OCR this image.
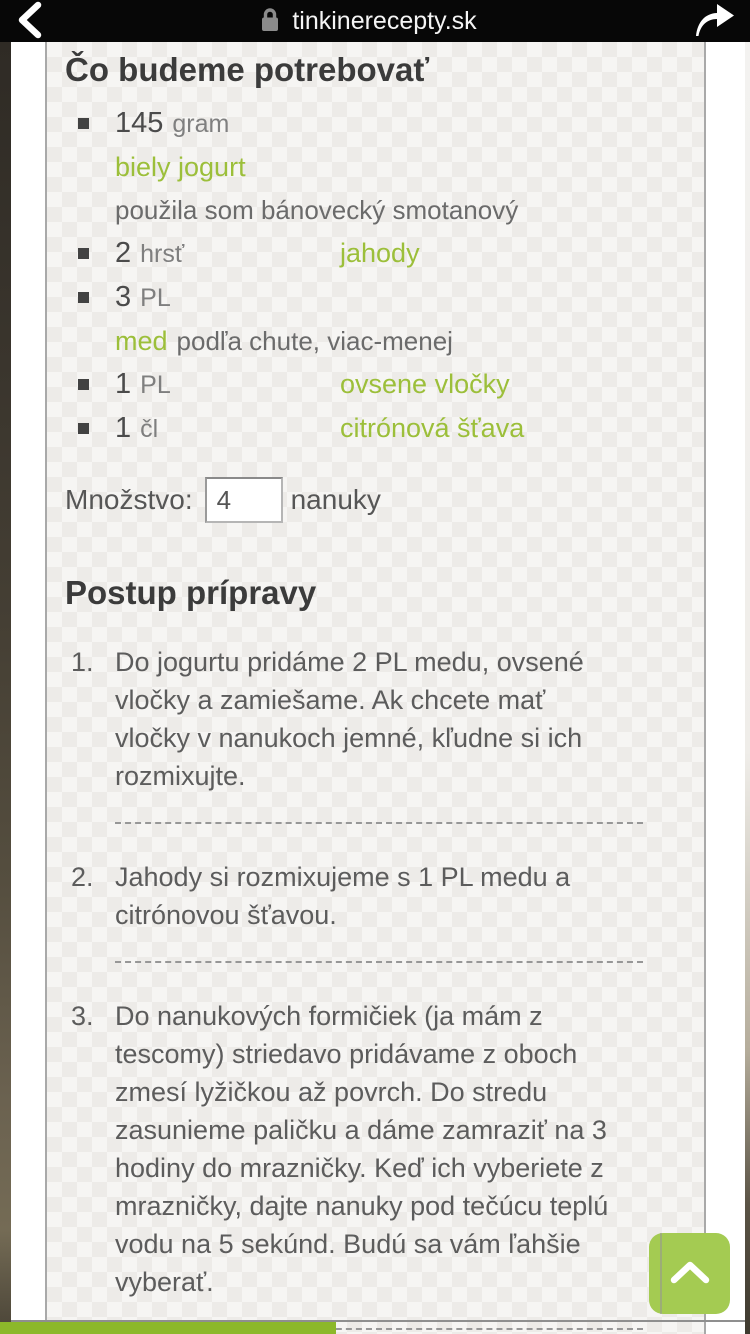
tinkinerecepty.sk
Čo budeme potrebovať
145 gram
biely jogurt
použila som bánovecký smotanový
2 hrsť	jahody
3 PL
med podľa chute, viac-menej
1 PL	ovsene vločky
1 čl	citrónová šťava
Množstvo:
4	nanuky
Postup prípravy
1. Do jogurtu pridáme 2 PL medu, ovsené vločky a zamiešame. Ak chcete mať vločky v nanukoch jemné, kľudne si ich rozmixujte.
2. Jahody si rozmixujeme s 1 PL medu a citrónovou šťavou.
3. Do nanukových formičiek (ja mám z tescomy) striedavo pridávame z oboch zmesí lyžičkou až povrch. Do stredu zasunieme paličku a dáme zamraziť na 3 hodiny do mrazničky. Keď ich vyberiete z mrazničky, dajte nanuky pod tečúcu teplú vodu na 5 sekúnd. Budú sa vám ľahšie vyberať.
